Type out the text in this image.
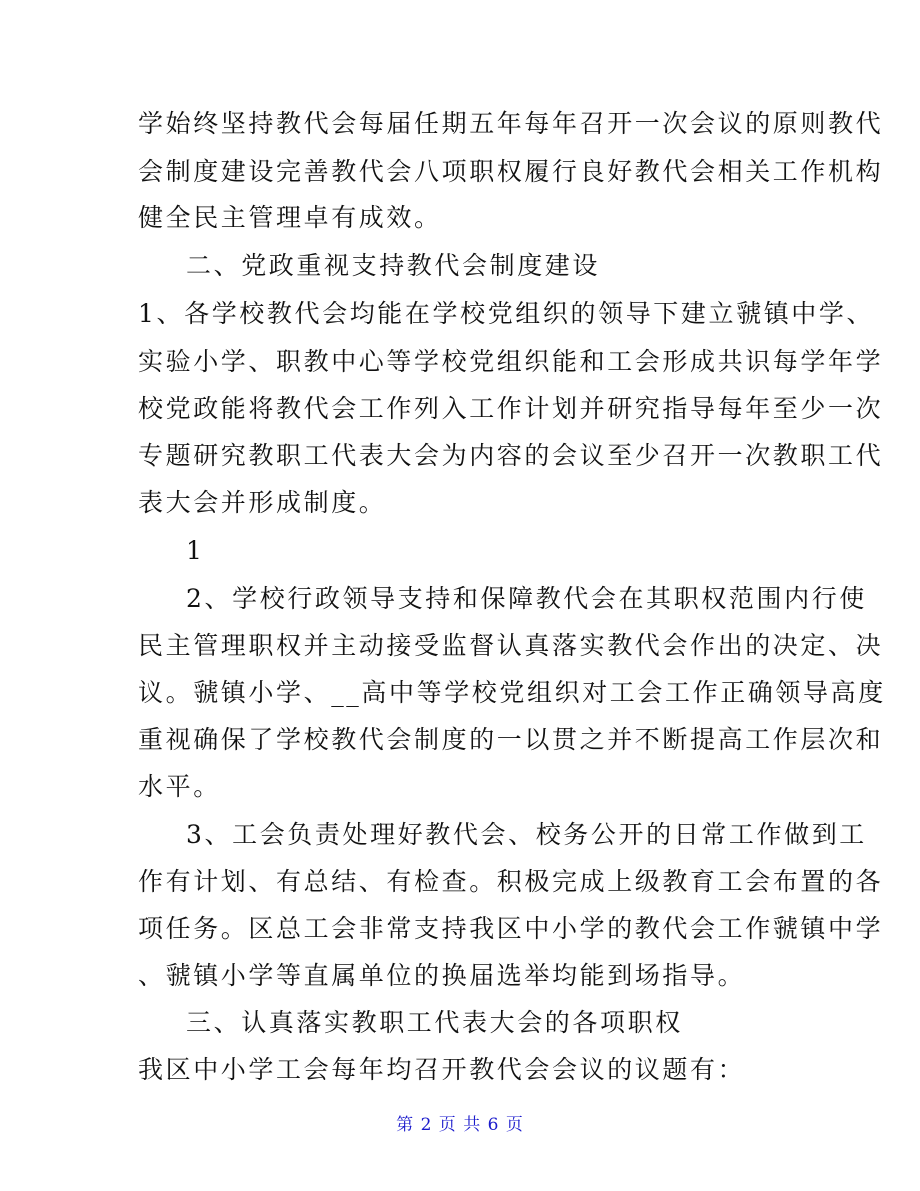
学始终坚持教代会每届任期五年每年召开一次会议的原则教代
会制度建设完善教代会八项职权履行良好教代会相关工作机构
健全民主管理卓有成效。
二、党政重视支持教代会制度建设
1、各学校教代会均能在学校党组织的领导下建立虢镇中学、
实验小学、职教中心等学校党组织能和工会形成共识每学年学
校党政能将教代会工作列入工作计划并研究指导每年至少一次
专题研究教职工代表大会为内容的会议至少召开一次教职工代
表大会并形成制度。
1
2、学校行政领导支持和保障教代会在其职权范围内行使
民主管理职权并主动接受监督认真落实教代会作出的决定、决
议。虢镇小学、__高中等学校党组织对工会工作正确领导高度
重视确保了学校教代会制度的一以贯之并不断提高工作层次和
水平。
3、工会负责处理好教代会、校务公开的日常工作做到工
作有计划、有总结、有检查。积极完成上级教育工会布置的各
项任务。区总工会非常支持我区中小学的教代会工作虢镇中学
、虢镇小学等直属单位的换届选举均能到场指导。
三、认真落实教职工代表大会的各项职权
我区中小学工会每年均召开教代会会议的议题有：
第 2 页 共 6 页
